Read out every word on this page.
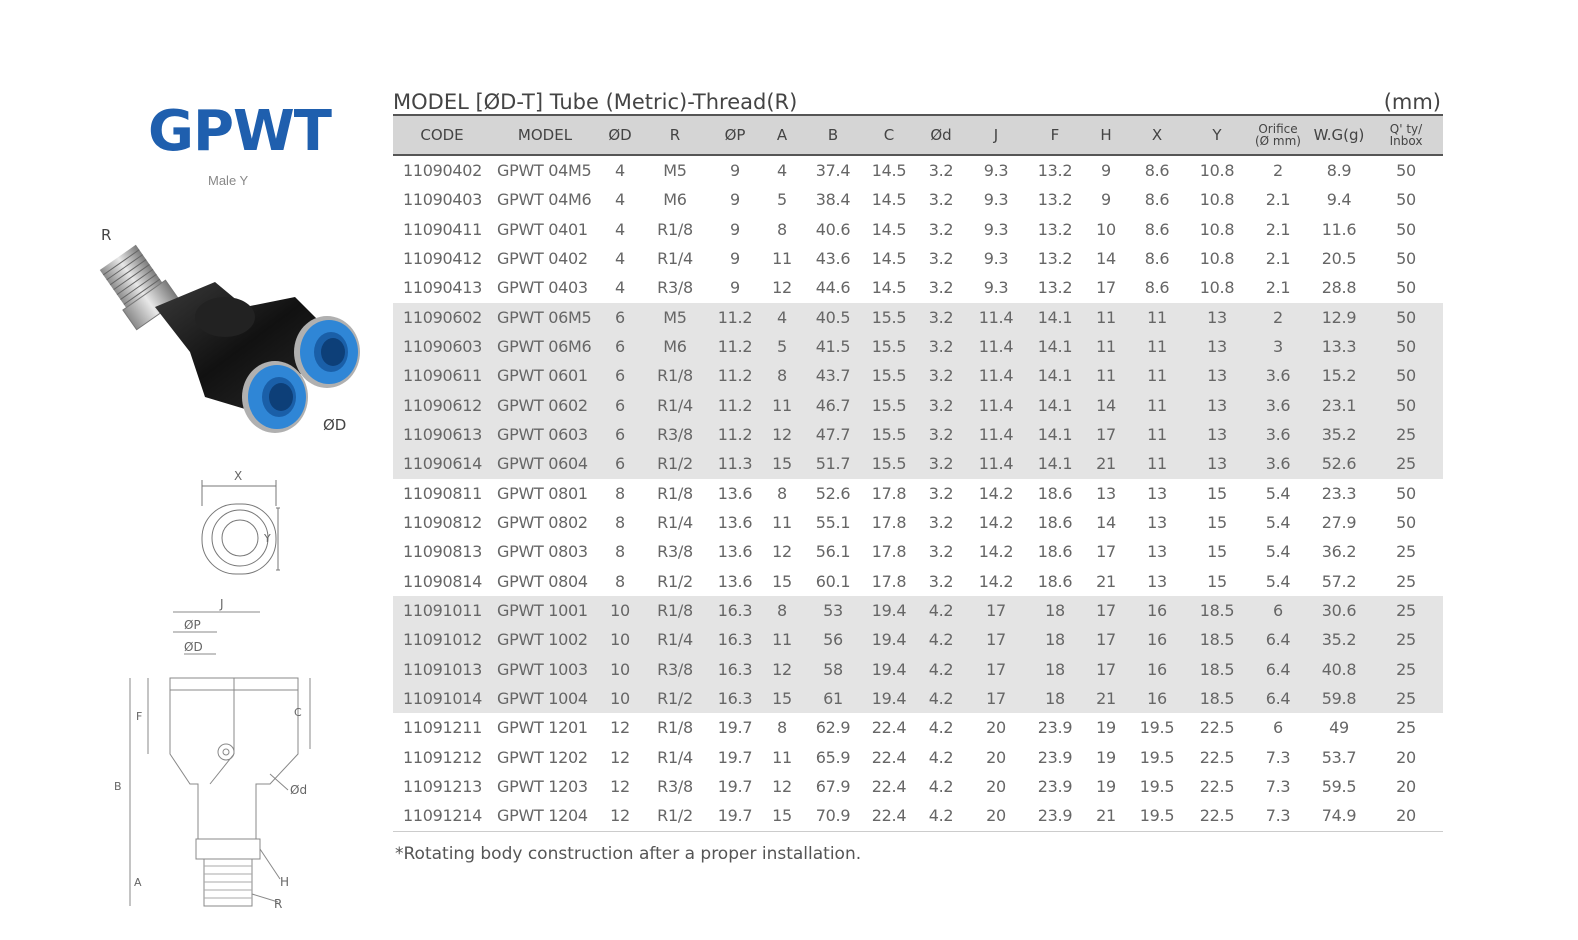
GPWT
Male Y
R
ØD
X
Y
J
ØP
ØD
F	C
B	Ød
A	H
R
MODEL [ØD-T] Tube (Metric)-Thread(R)	(mm)
CODE	MODEL	ØD	R	ØP	A	B	C	Ød	J	F	H	X	Y	Orifice
(Ø mm)	W.G(g)	Q' ty/
Inbox
11090402	GPWT 04M5	4	M5	9	4	37.4	14.5	3.2	9.3	13.2	9	8.6	10.8	2	8.9	50
11090403	GPWT 04M6	4	M6	9	5	38.4	14.5	3.2	9.3	13.2	9	8.6	10.8	2.1	9.4	50
11090411	GPWT 0401	4	R1/8	9	8	40.6	14.5	3.2	9.3	13.2	10	8.6	10.8	2.1	11.6	50
11090412	GPWT 0402	4	R1/4	9	11	43.6	14.5	3.2	9.3	13.2	14	8.6	10.8	2.1	20.5	50
11090413	GPWT 0403	4	R3/8	9	12	44.6	14.5	3.2	9.3	13.2	17	8.6	10.8	2.1	28.8	50
11090602	GPWT 06M5	6	M5	11.2	4	40.5	15.5	3.2	11.4	14.1	11	11	13	2	12.9	50
11090603	GPWT 06M6	6	M6	11.2	5	41.5	15.5	3.2	11.4	14.1	11	11	13	3	13.3	50
11090611	GPWT 0601	6	R1/8	11.2	8	43.7	15.5	3.2	11.4	14.1	11	11	13	3.6	15.2	50
11090612	GPWT 0602	6	R1/4	11.2	11	46.7	15.5	3.2	11.4	14.1	14	11	13	3.6	23.1	50
11090613	GPWT 0603	6	R3/8	11.2	12	47.7	15.5	3.2	11.4	14.1	17	11	13	3.6	35.2	25
11090614	GPWT 0604	6	R1/2	11.3	15	51.7	15.5	3.2	11.4	14.1	21	11	13	3.6	52.6	25
11090811	GPWT 0801	8	R1/8	13.6	8	52.6	17.8	3.2	14.2	18.6	13	13	15	5.4	23.3	50
11090812	GPWT 0802	8	R1/4	13.6	11	55.1	17.8	3.2	14.2	18.6	14	13	15	5.4	27.9	50
11090813	GPWT 0803	8	R3/8	13.6	12	56.1	17.8	3.2	14.2	18.6	17	13	15	5.4	36.2	25
11090814	GPWT 0804	8	R1/2	13.6	15	60.1	17.8	3.2	14.2	18.6	21	13	15	5.4	57.2	25
11091011	GPWT 1001	10	R1/8	16.3	8	53	19.4	4.2	17	18	17	16	18.5	6	30.6	25
11091012	GPWT 1002	10	R1/4	16.3	11	56	19.4	4.2	17	18	17	16	18.5	6.4	35.2	25
11091013	GPWT 1003	10	R3/8	16.3	12	58	19.4	4.2	17	18	17	16	18.5	6.4	40.8	25
11091014	GPWT 1004	10	R1/2	16.3	15	61	19.4	4.2	17	18	21	16	18.5	6.4	59.8	25
11091211	GPWT 1201	12	R1/8	19.7	8	62.9	22.4	4.2	20	23.9	19	19.5	22.5	6	49	25
11091212	GPWT 1202	12	R1/4	19.7	11	65.9	22.4	4.2	20	23.9	19	19.5	22.5	7.3	53.7	20
11091213	GPWT 1203	12	R3/8	19.7	12	67.9	22.4	4.2	20	23.9	19	19.5	22.5	7.3	59.5	20
11091214	GPWT 1204	12	R1/2	19.7	15	70.9	22.4	4.2	20	23.9	21	19.5	22.5	7.3	74.9	20
*Rotating body construction after a proper installation.
